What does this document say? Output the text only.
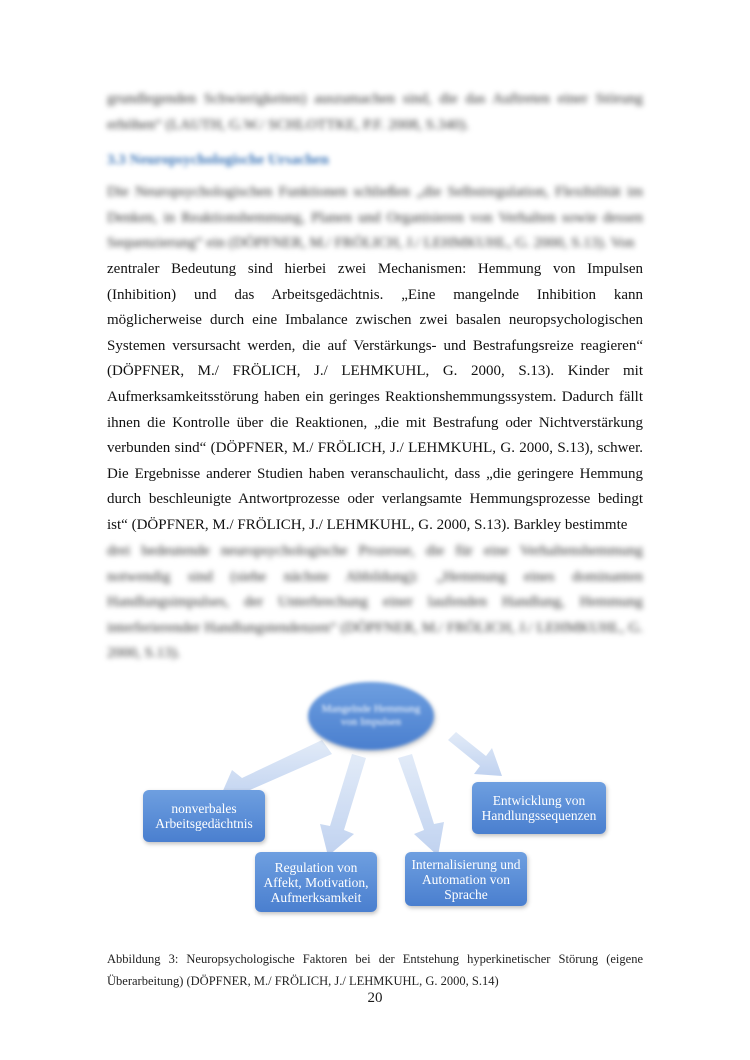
grundlegenden Schwierigkeiten) auszumachen sind, die das Auftreten einer Störung erhöhen“ (LAUTH, G.W./ SCHLOTTKE, P.F. 2008, S.340).

3.3 Neuropsychologische Ursachen

Die Neuropsychologischen Funktionen schließen „die Selbstregulation, Flexibilität im Denken, in Reaktionshemmung, Planen und Organisieren von Verhalten sowie dessen Sequenzierung“ ein (DÖPFNER, M./ FRÖLICH, J./ LEHMKUHL, G. 2000, S.13). Von

zentraler Bedeutung sind hierbei zwei Mechanismen: Hemmung von Impulsen (Inhibition) und das Arbeitsgedächtnis. „Eine mangelnde Inhibition kann möglicherweise durch eine Imbalance zwischen zwei basalen neuropsychologischen Systemen versursacht werden, die auf Verstärkungs- und Bestrafungsreize reagieren“ (DÖPFNER, M./ FRÖLICH, J./ LEHMKUHL, G. 2000, S.13). Kinder mit Aufmerksamkeitsstörung haben ein geringes Reaktionshemmungssystem. Dadurch fällt ihnen die Kontrolle über die Reaktionen, „die mit Bestrafung oder Nichtverstärkung verbunden sind“ (DÖPFNER, M./ FRÖLICH, J./ LEHMKUHL, G. 2000, S.13), schwer. Die Ergebnisse anderer Studien haben veranschaulicht, dass „die geringere Hemmung durch beschleunigte Antwortprozesse oder verlangsamte Hemmungsprozesse bedingt ist“ (DÖPFNER, M./ FRÖLICH, J./ LEHMKUHL, G. 2000, S.13). Barkley bestimmte

drei bedeutende neuropsychologische Prozesse, die für eine Verhaltenshemmung notwendig sind (siehe nächste Abbildung): „Hemmung eines dominanten Handlungsimpulses, der Unterbrechung einer laufenden Handlung, Hemmung interferierender Handlungstendenzen“ (DÖPFNER, M./ FRÖLICH, J./ LEHMKUHL, G. 2000, S.13).

Mangelnde Hemmung von Impulsen
nonverbales Arbeitsgedächtnis
Regulation von Affekt, Motivation, Aufmerksamkeit
Internalisierung und Automation von Sprache
Entwicklung von Handlungssequenzen

Abbildung 3: Neuropsychologische Faktoren bei der Entstehung hyperkinetischer Störung (eigene Überarbeitung) (DÖPFNER, M./ FRÖLICH, J./ LEHMKUHL, G. 2000, S.14)

20
